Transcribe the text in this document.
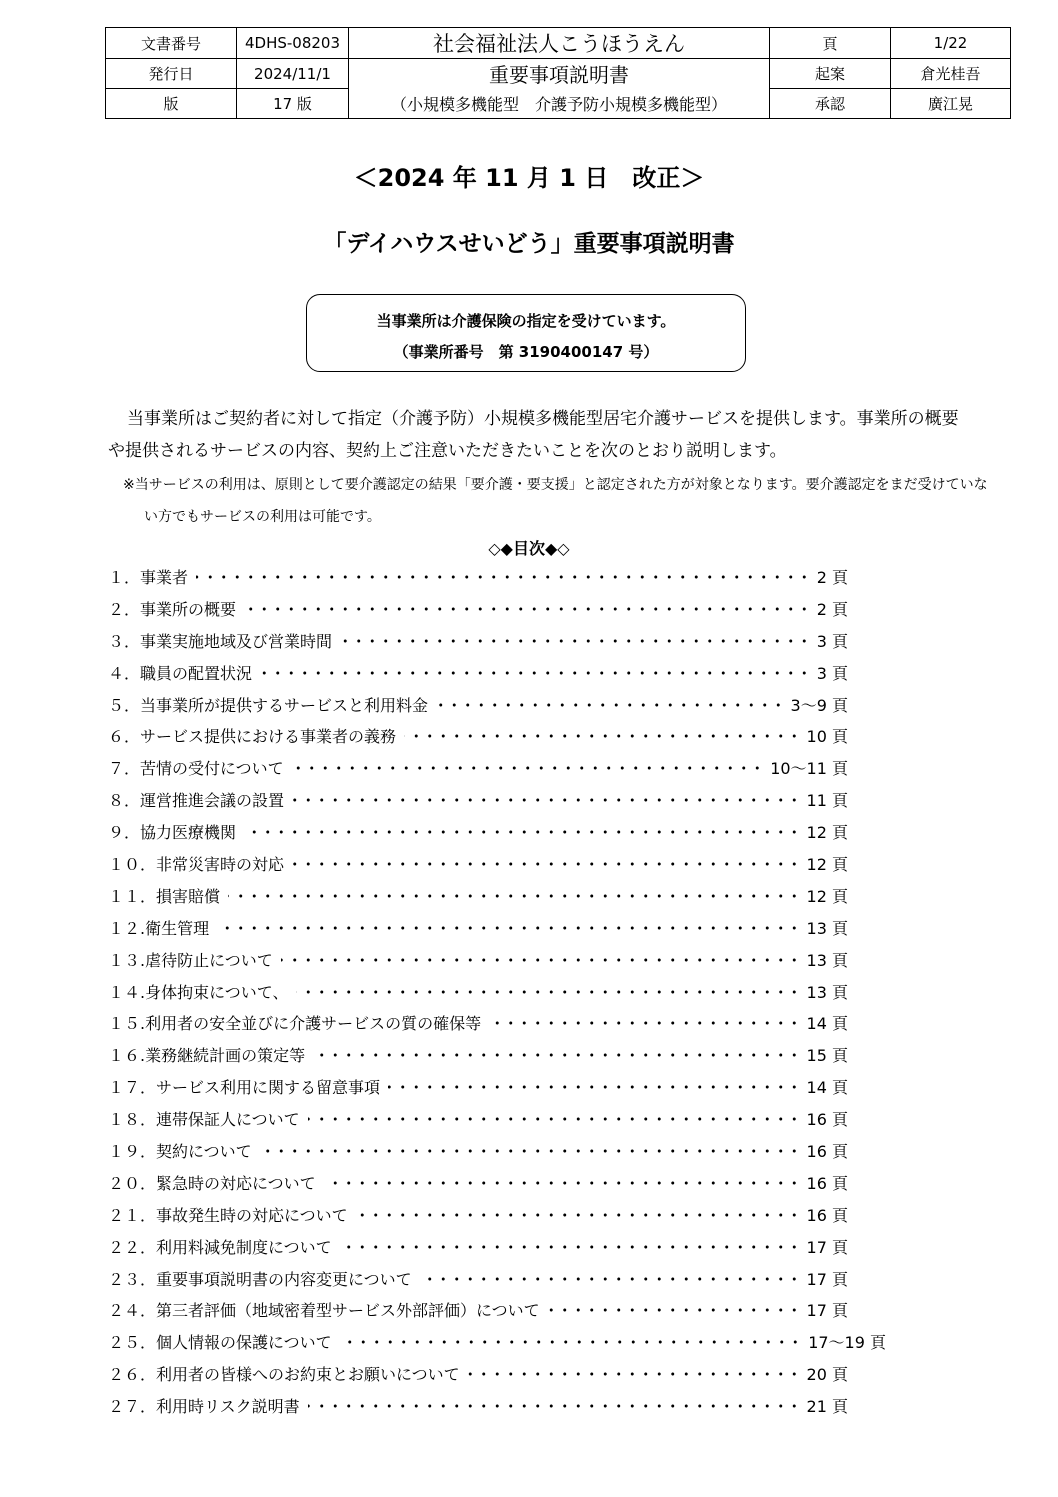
文書番号	4DHS-08203	社会福祉法人こうほうえん	頁	1/22
発行日	2024/11/1	重要事項説明書	起案	倉光桂吾
版	17 版	（小規模多機能型　介護予防小規模多機能型）	承認	廣江晃
＜2024 年 11 月 1 日　改正＞
「デイハウスせいどう」重要事項説明書
当事業所は介護保険の指定を受けています。
（事業所番号　第 3190400147 号）
当事業所はご契約者に対して指定（介護予防）小規模多機能型居宅介護サービスを提供します。事業所の概要や提供されるサービスの内容、契約上ご注意いただきたいことを次のとおり説明します。
※当サービスの利用は、原則として要介護認定の結果「要介護・要支援」と認定された方が対象となります。要介護認定をまだ受けていない方でもサービスの利用は可能です。
◇◆目次◆◇
１．事業者	2 頁
２．事業所の概要	2 頁
３．事業実施地域及び営業時間	3 頁
４．職員の配置状況	3 頁
５．当事業所が提供するサービスと利用料金	3～9 頁
６．サービス提供における事業者の義務	10 頁
７．苦情の受付について	10～11 頁
８．運営推進会議の設置	11 頁
９．協力医療機関	12 頁
１０．非常災害時の対応	12 頁
１１．損害賠償	12 頁
１２.衛生管理	13 頁
１３.虐待防止について	13 頁
１４.身体拘束について、	13 頁
１５.利用者の安全並びに介護サービスの質の確保等	14 頁
１６.業務継続計画の策定等	15 頁
１７．サービス利用に関する留意事項	14 頁
１８．連帯保証人について	16 頁
１９．契約について	16 頁
２０．緊急時の対応について	16 頁
２１．事故発生時の対応について	16 頁
２２．利用料減免制度について	17 頁
２３．重要事項説明書の内容変更について	17 頁
２４．第三者評価（地域密着型サービス外部評価）について	17 頁
２５．個人情報の保護について	17～19 頁
２６．利用者の皆様へのお約束とお願いについて	20 頁
２７．利用時リスク説明書	21 頁
